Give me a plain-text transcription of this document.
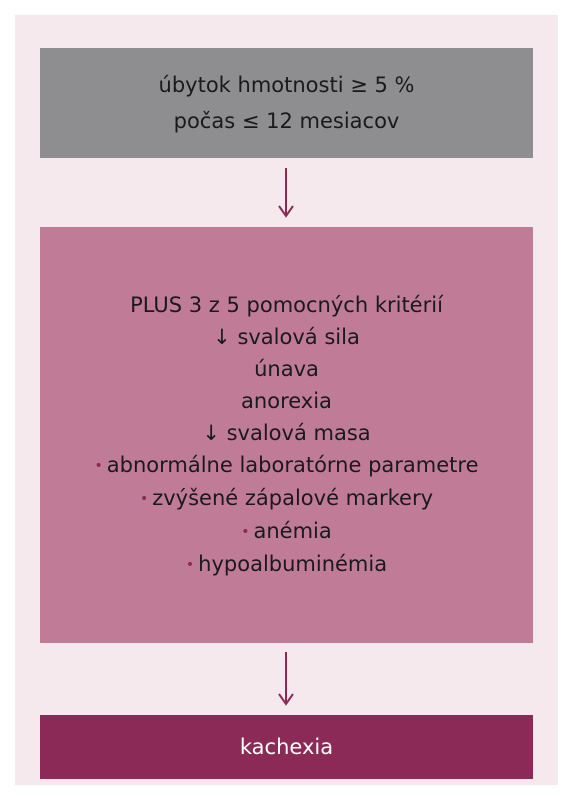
úbytok hmotnosti ≥ 5 %
počas ≤ 12 mesiacov
PLUS 3 z 5 pomocných kritérií
↓ svalová sila
únava
anorexia
↓ svalová masa
• abnormálne laboratórne parametre
• zvýšené zápalové markery
• anémia
• hypoalbuminémia
kachexia
